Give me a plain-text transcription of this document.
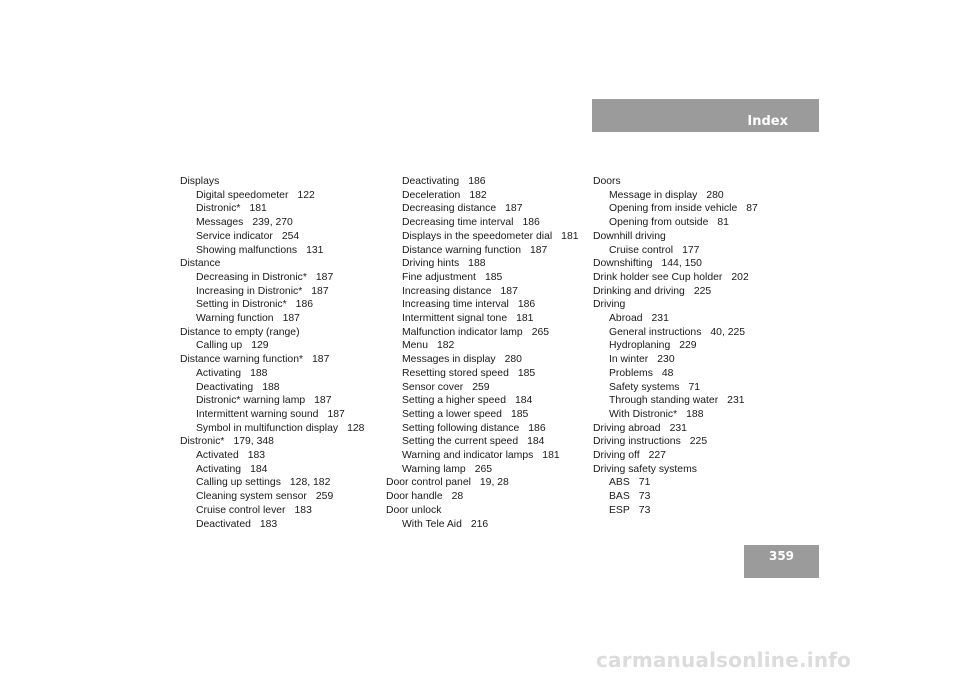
Index
Displays
Digital speedometer 122
Distronic* 181
Messages 239, 270
Service indicator 254
Showing malfunctions 131
Distance
Decreasing in Distronic* 187
Increasing in Distronic* 187
Setting in Distronic* 186
Warning function 187
Distance to empty (range)
Calling up 129
Distance warning function* 187
Activating 188
Deactivating 188
Distronic* warning lamp 187
Intermittent warning sound 187
Symbol in multifunction display 128
Distronic* 179, 348
Activated 183
Activating 184
Calling up settings 128, 182
Cleaning system sensor 259
Cruise control lever 183
Deactivated 183
Deactivating 186
Deceleration 182
Decreasing distance 187
Decreasing time interval 186
Displays in the speedometer dial 181
Distance warning function 187
Driving hints 188
Fine adjustment 185
Increasing distance 187
Increasing time interval 186
Intermittent signal tone 181
Malfunction indicator lamp 265
Menu 182
Messages in display 280
Resetting stored speed 185
Sensor cover 259
Setting a higher speed 184
Setting a lower speed 185
Setting following distance 186
Setting the current speed 184
Warning and indicator lamps 181
Warning lamp 265
Door control panel 19, 28
Door handle 28
Door unlock
With Tele Aid 216
Doors
Message in display 280
Opening from inside vehicle 87
Opening from outside 81
Downhill driving
Cruise control 177
Downshifting 144, 150
Drink holder see Cup holder 202
Drinking and driving 225
Driving
Abroad 231
General instructions 40, 225
Hydroplaning 229
In winter 230
Problems 48
Safety systems 71
Through standing water 231
With Distronic* 188
Driving abroad 231
Driving instructions 225
Driving off 227
Driving safety systems
ABS 71
BAS 73
ESP 73
359
carmanualsonline.info
